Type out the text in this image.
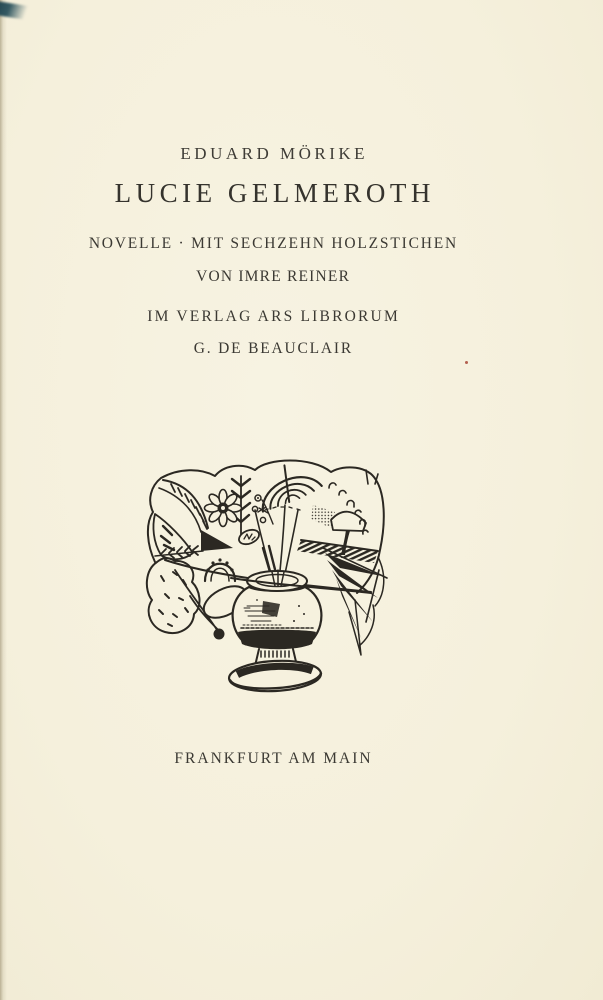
EDUARD MÖRIKE
LUCIE GELMEROTH
NOVELLE · MIT SECHZEHN HOLZSTICHEN
VON IMRE REINER
IM VERLAG ARS LIBRORUM
G. DE BEAUCLAIR
FRANKFURT AM MAIN
